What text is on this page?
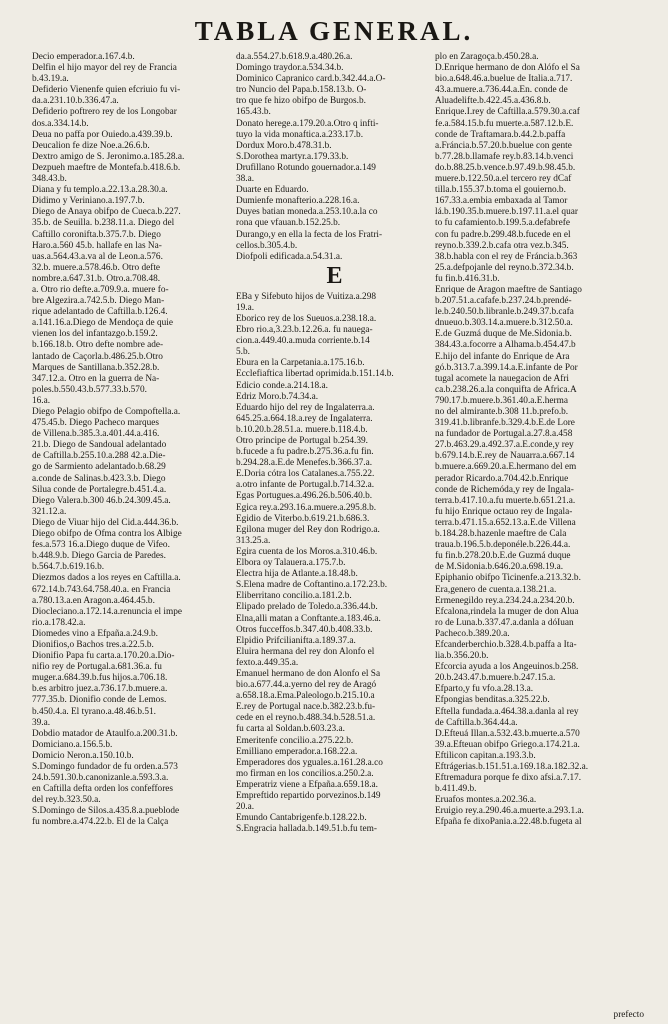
TABLA GENERAL.
Decio emperador.a.167.4.b.
Delfin el hijo mayor del rey de Francia
b.43.19.a.
Defiderio Vienenfe quien efcriuio fu vi-
da.a.231.10.b.336.47.a.
Defiderio poftrero rey de los Longobar
dos.a.334.14.b.
Deua no paffa por Ouiedo.a.439.39.b.
Deucalion fe dize Noe.a.26.6.b.
Dextro amigo de S. Jeronimo.a.185.28.a.
Dezpueh maeftre de Montefa.b.418.6.b.
348.43.b.
Diana y fu templo.a.22.13.a.28.30.a.
Didimo y Veriniano.a.197.7.b.
Diego de Anaya obifpo de Cueca.b.227.
35.b. de Seuilla. b.238.11.a. Diego del
Caftillo coronifta.b.375.7.b. Diego
Haro.a.560 45.b. hallafe en las Na-
uas.a.564.43.a.va al de Leon.a.576.
32.b. muere.a.578.46.b. Otro defte
nombre.a.647.31.b. Otro.a.708.48.
a. Otro rio defte.a.709.9.a. muere fo-
bre Algezira.a.742.5.b. Diego Man-
rique adelantado de Caftilla.b.126.4.
a.141.16.a.Diego de Mendoça de quie
vienen los del infantazgo.b.159.2.
b.166.18.b. Otro defte nombre ade-
lantado de Caçorla.b.486.25.b.Otro
Marques de Santillana.b.352.28.b.
347.12.a. Otro en la guerra de Na-
poles.b.550.43.b.577.33.b.570.
16.a.
Diego Pelagio obifpo de Compoftella.a.
475.45.b. Diego Pacheco marques
de Villena.b.385.3.a.401.44.a.416.
21.b. Diego de Sandoual adelantado
de Caftilla.b.255.10.a.288 42.a.Die-
go de Sarmiento adelantado.b.68.29
a.conde de Salinas.b.423.3.b. Diego
Silua conde de Portalegre.b.451.4.a.
Diego Valera.b.300 46.b.24.309.45.a.
321.12.a.
Diego de Viuar hijo del Cid.a.444.36.b.
Diego obifpo de Ofma contra los Albige
fes.a.573 16.a.Diego duque de Vifeo.
b.448.9.b. Diego Garcia de Paredes.
b.564.7.b.619.16.b.
Diezmos dados a los reyes en Caftilla.a.
672.14.b.743.64.758.40.a. en Francia
a.780.13.a.en Aragon.a.464.45.b.
Diocleciano.a.172.14.a.renuncia el impe
rio.a.178.42.a.
Diomedes vino a Efpaña.a.24.9.b.
Dionifios,o Bachos tres.a.22.5.b.
Dionifio Papa fu carta.a.170.20.a.Dio-
nifio rey de Portugal.a.681.36.a. fu
muger.a.684.39.b.fus hijos.a.706.18.
b.es arbitro juez.a.736.17.b.muere.a.
777.35.b. Dionifio conde de Lemos.
b.450.4.a. El tyrano.a.48.46.b.51.
39.a.
Dobdio matador de Ataulfo.a.200.31.b.
Domiciano.a.156.5.b.
Domicio Neron.a.150.10.b.
S.Domingo fundador de fu orden.a.573
24.b.591.30.b.canonizanle.a.593.3.a.
en Caftilla defta orden los confeffores
del rey.b.323.50.a.
S.Domingo de Silos.a.435.8.a.pueblode
fu nombre.a.474.22.b. El de la Calça
da.a.554.27.b.618.9.a.480.26.a.
Domingo traydor.a.534.34.b.
Dominico Capranico card.b.342.44.a.O-
tro Nuncio del Papa.b.158.13.b. O-
tro que fe hizo obifpo de Burgos.b.
165.43.b.
Donato herege.a.179.20.a.Otro q infti-
tuyo la vida monaftica.a.233.17.b.
Dordux Moro.b.478.31.b.
S.Dorothea martyr.a.179.33.b.
Drufillano Rotundo gouernador.a.149
38.a.
Duarte en Eduardo.
Dumienfe monafterio.a.228.16.a.
Duyes batian moneda.a.253.10.a.la co
rona que vfauan.b.152.25.b.
Durango,y en ella la fecta de los Fratri-
cellos.b.305.4.b.
Diofpoli edificada.a.54.31.a.
E
EBa y Sifebuto hijos de Vuitiza.a.298
19.a.
Eborico rey de los Sueuos.a.238.18.a.
Ebro rio.a,3.23.b.12.26.a. fu nauega-
cion.a.449.40.a.muda corriente.b.14
5.b.
Ebura en la Carpetania.a.175.16.b.
Ecclefiaftica libertad oprimida.b.151.14.b.
Edicio conde.a.214.18.a.
Edriz Moro.b.74.34.a.
Eduardo hijo del rey de Ingalaterra.a.
645.25.a.664.18.a.rey de Ingalaterra.
b.10.20.b.28.51.a. muere.b.118.4.b.
Otro principe de Portugal b.254.39.
b.fucede a fu padre.b.275.36.a.fu fin.
b.294.28.a.E.de Menefes.b.366.37.a.
E.Doria cótra los Catalanes.a.755.22.
a.otro infante de Portugal.b.714.32.a.
Egas Portugues.a.496.26.b.506.40.b.
Egica rey.a.293.16.a.muere.a.295.8.b.
Egidio de Viterbo.b.619.21.b.686.3.
Egilona muger del Rey don Rodrigo.a.
313.25.a.
Egira cuenta de los Moros.a.310.46.b.
Elbora oy Talauera.a.175.7.b.
Electra hija de Atlante.a.18.48.b.
S.Elena madre de Coftantino.a.172.23.b.
Eliberritano concilio.a.181.2.b.
Elipado prelado de Toledo.a.336.44.b.
Elna,alli matan a Conftante.a.183.46.a.
Otros fucceffos.b.347.40.b.408.33.b.
Elpidio Prifcilianifta.a.189.37.a.
Eluira hermana del rey don Alonfo el
fexto.a.449.35.a.
Emanuel hermano de don Alonfo el Sa
bio.a.677.44.a.yerno del rey de Aragó
a.658.18.a.Ema.Paleologo.b.215.10.a
E.rey de Portugal nace.b.382.23.b.fu-
cede en el reyno.b.488.34.b.528.51.a.
fu carta al Soldan.b.603.23.a.
Emeritenfe concilio.a.275.22.b.
Emilliano emperador.a.168.22.a.
Emperadores dos yguales.a.161.28.a.co
mo firman en los concilios.a.250.2.a.
Emperatriz viene a Efpaña.a.659.18.a.
Empreftido repartido porvezinos.b.149
20.a.
Emundo Cantabrigenfe.b.128.22.b.
S.Engracia hallada.b.149.51.b.fu tem-
plo en Zaragoça.b.450.28.a.
D.Enrique hermano de don Alófo el Sa
bio.a.648.46.a.buelue de Italia.a.717.
43.a.muere.a.736.44.a.En. conde de
Aluadelifte.b.422.45.a.436.8.b.
Enrique.I.rey de Caftilla.a.579.30.a.caf
fe.a.584.15.b.fu muerte.a.587.12.b.E.
conde de Traftamara.b.44.2.b.paffa
a.Fráncia.b.57.20.b.buelue con gente
b.77.28.b.llamafe rey.b.83.14.b.venci
do.b.88.25.b.vence.b.97.49.b.98.45.b.
muere.b.122.50.a.el tercero rey dCaf
tilla.b.155.37.b.toma el gouierno.b.
167.33.a.embia embaxada al Tamor
lá.b.190.35.b.muere.b.197.11.a.el quar
to fu cafamiento.b.199.5.a.defabrefe
con fu padre.b.299.48.b.fucede en el
reyno.b.339.2.b.cafa otra vez.b.345.
38.b.habla con el rey de Fráncia.b.363
25.a.defpojanle del reyno.b.372.34.b.
fu fin.b.416.31.b.
Enrique de Aragon maeftre de Santiago
b.207.51.a.cafafe.b.237.24.b.prendé-
le.b.240.50.b.libranle.b.249.37.b.cafa
dnueuo.b.303.14.a.muere.b.312.50.a.
E.de Guzmá duque de Me.Sidonia.b.
384.43.a.focorre a Alhama.b.454.47.b
E.hijo del infante do Enrique de Ara
gó.b.313.7.a.399.14.a.E.infante de Por
tugal acomete la nauegacion de Afri
ca.b.238.26.a.la conquifta de Africa.A
790.17.b.muere.b.361.40.a.E.herma
no del almirante.b.308 11.b.prefo.b.
319.41.b.libranfe.b.329.4.b.E.de Lore
na fundador de Portugal.a.27.8.a.458
27.b.463.29.a.492.37.a.E.conde,y rey
b.679.14.b.E.rey de Nauarra.a.667.14
b.muere.a.669.20.a.E.hermano del em
perador Ricardo.a.704.42.b.Enrique
conde de Richemóda,y rey de Ingala-
terra.b.417.10.a.fu muerte.b.651.21.a.
fu hijo Enrique octauo rey de Ingala-
terra.b.471.15.a.652.13.a.E.de Villena
b.184.28.b.hazenle maeftre de Cala
traua.b.196.5.b.deponéle.b.226.44.a.
fu fin.b.278.20.b.E.de Guzmá duque
de M.Sidonia.b.646.20.a.698.19.a.
Epiphanio obifpo Ticinenfe.a.213.32.b.
Era,genero de cuenta.a.138.21.a.
Ermenegildo rey.a.234.24.a.234.20.b.
Efcalona,rindela la muger de don Alua
ro de Luna.b.337.47.a.danla a dóIuan
Pacheco.b.389.20.a.
Efcanderberchio.b.328.4.b.paffa a Ita-
lia.b.356.20.b.
Efcorcia ayuda a los Angeuinos.b.258.
20.b.243.47.b.muere.b.247.15.a.
Efparto,y fu vfo.a.28.13.a.
Efpongias benditas.a.325.22.b.
Eftella fundada.a.464.38.a.danla al rey
de Caftilla.b.364.44.a.
D.Efteuá Illan.a.532.43.b.muerte.a.570
39.a.Efteuan obifpo Griego.a.174.21.a.
Eftilicon capitan.a.193.3.b.
Eftrágerias.b.151.51.a.169.18.a.182.32.a.
Eftremadura porque fe dixo afsi.a.7.17.
b.411.49.b.
Eruafos montes.a.202.36.a.
Eruigio rey.a.290.46.a.muerte.a.293.1.a.
Efpaña fe dixoPania.a.22.48.b.fugeta al
prefecto
